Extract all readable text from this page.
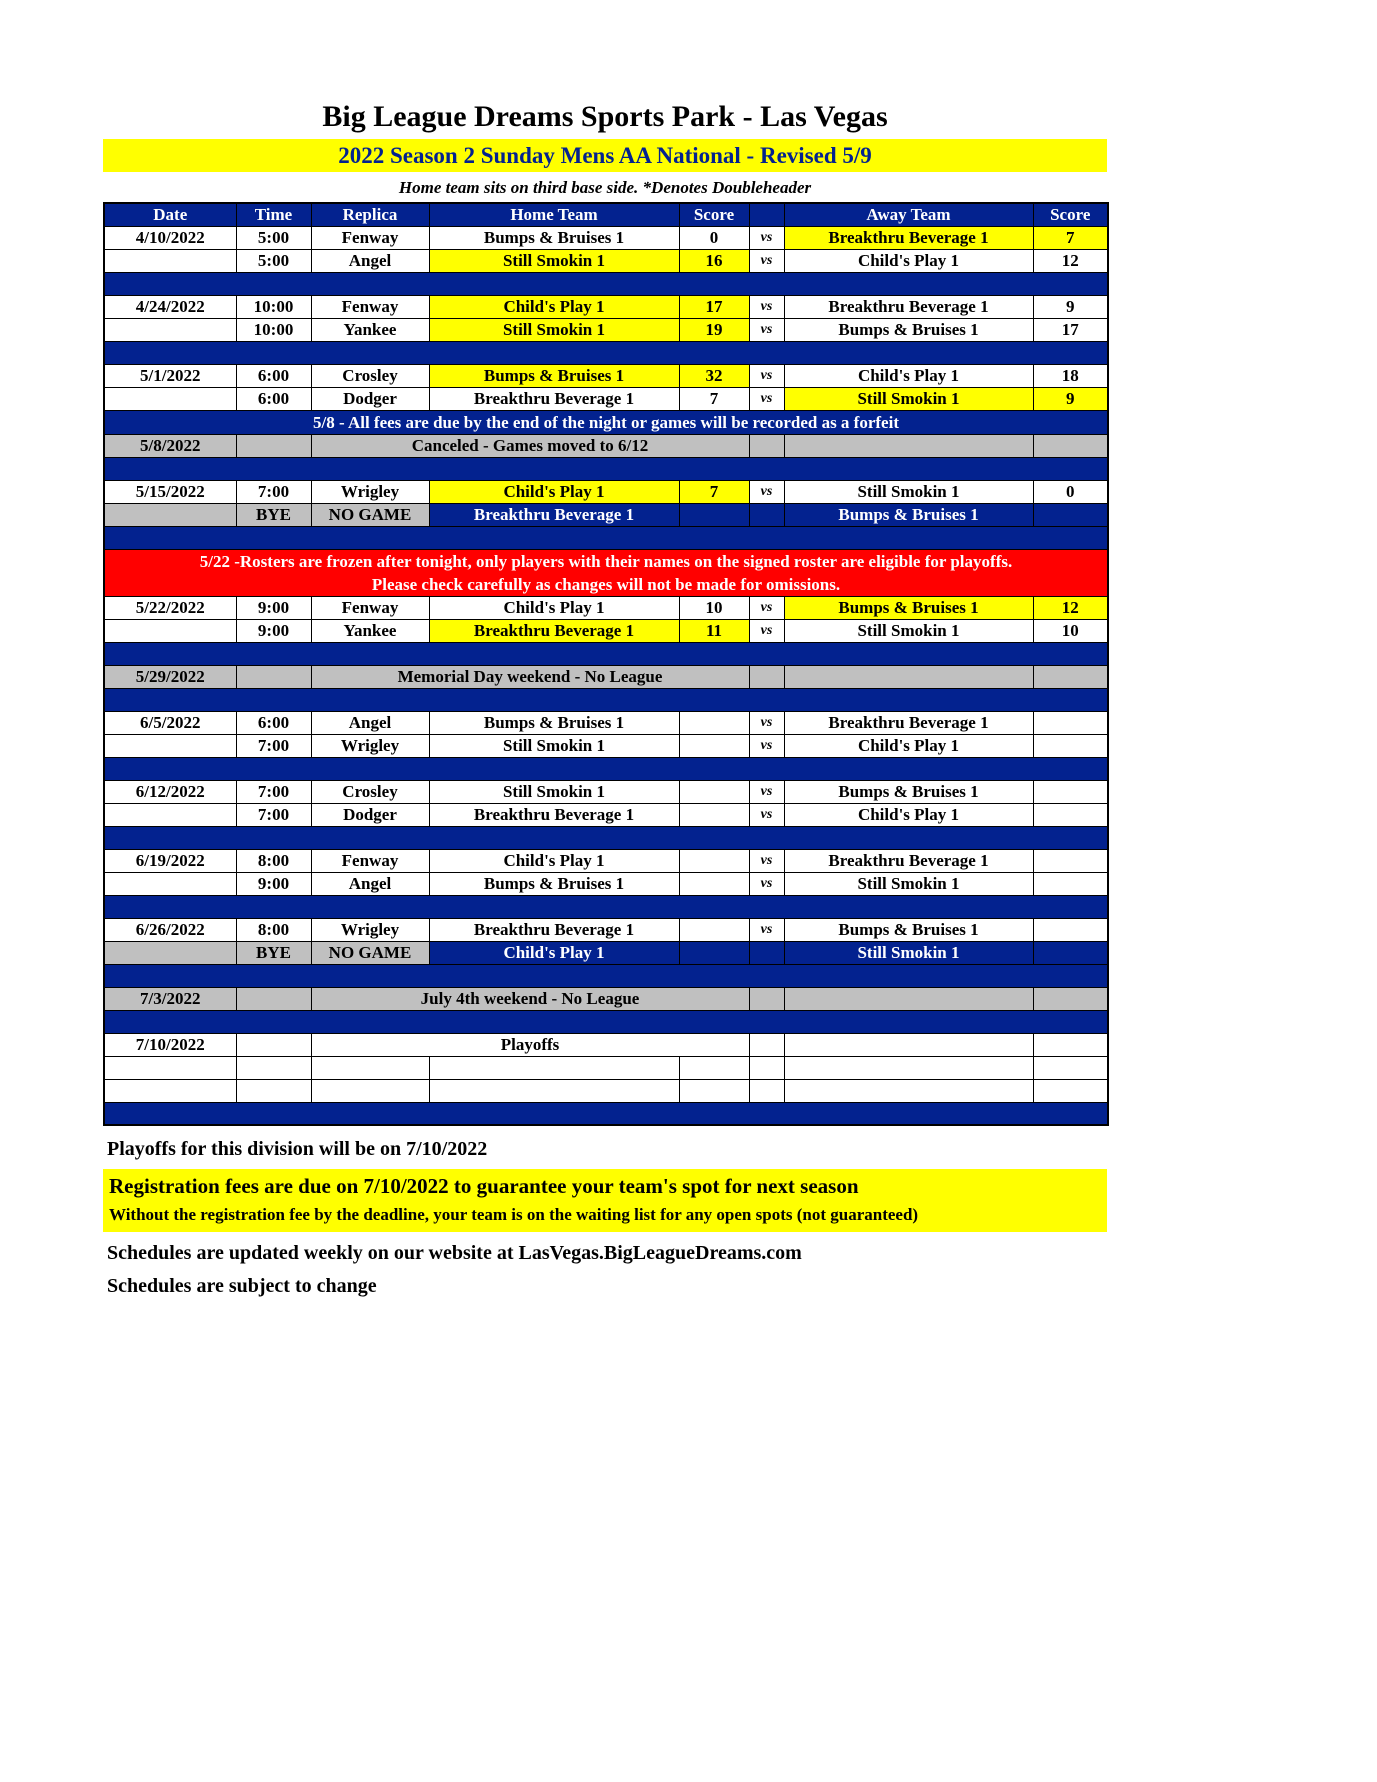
Big League Dreams Sports Park - Las Vegas
2022 Season 2 Sunday Mens AA National - Revised 5/9
Home team sits on third base side. *Denotes Doubleheader
Date	Time	Replica	Home Team	Score		Away Team	Score
4/10/2022	5:00	Fenway	Bumps & Bruises 1	0	vs	Breakthru Beverage 1	7
	5:00	Angel	Still Smokin 1	16	vs	Child's Play 1	12

4/24/2022	10:00	Fenway	Child's Play 1	17	vs	Breakthru Beverage 1	9
	10:00	Yankee	Still Smokin 1	19	vs	Bumps & Bruises 1	17

5/1/2022	6:00	Crosley	Bumps & Bruises 1	32	vs	Child's Play 1	18
	6:00	Dodger	Breakthru Beverage 1	7	vs	Still Smokin 1	9

5/8 - All fees are due by the end of the night or games will be recorded as a forfeit							

5/8/2022		Canceled - Games moved to 6/12					

5/15/2022	7:00	Wrigley	Child's Play 1	7	vs	Still Smokin 1	0
	BYE	NO GAME	Breakthru Beverage 1			Bumps & Bruises 1	

5/22 -Rosters are frozen after tonight, only players with their names on the signed roster are eligible for playoffs.
Please check carefully as changes will not be made for omissions.							

5/22/2022	9:00	Fenway	Child's Play 1	10	vs	Bumps & Bruises 1	12
	9:00	Yankee	Breakthru Beverage 1	11	vs	Still Smokin 1	10

5/29/2022		Memorial Day weekend - No League					

6/5/2022	6:00	Angel	Bumps & Bruises 1		vs	Breakthru Beverage 1	
	7:00	Wrigley	Still Smokin 1		vs	Child's Play 1	

6/12/2022	7:00	Crosley	Still Smokin 1		vs	Bumps & Bruises 1	
	7:00	Dodger	Breakthru Beverage 1		vs	Child's Play 1	

6/19/2022	8:00	Fenway	Child's Play 1		vs	Breakthru Beverage 1	
	9:00	Angel	Bumps & Bruises 1		vs	Still Smokin 1	

6/26/2022	8:00	Wrigley	Breakthru Beverage 1		vs	Bumps & Bruises 1	
	BYE	NO GAME	Child's Play 1			Still Smokin 1	

7/3/2022		July 4th weekend - No League					

7/10/2022		Playoffs					

Playoffs for this division will be on 7/10/2022
Registration fees are due on 7/10/2022 to guarantee your team's spot for next season
Without the registration fee by the deadline, your team is on the waiting list for any open spots (not guaranteed)
Schedules are updated weekly on our website at LasVegas.BigLeagueDreams.com
Schedules are subject to change
